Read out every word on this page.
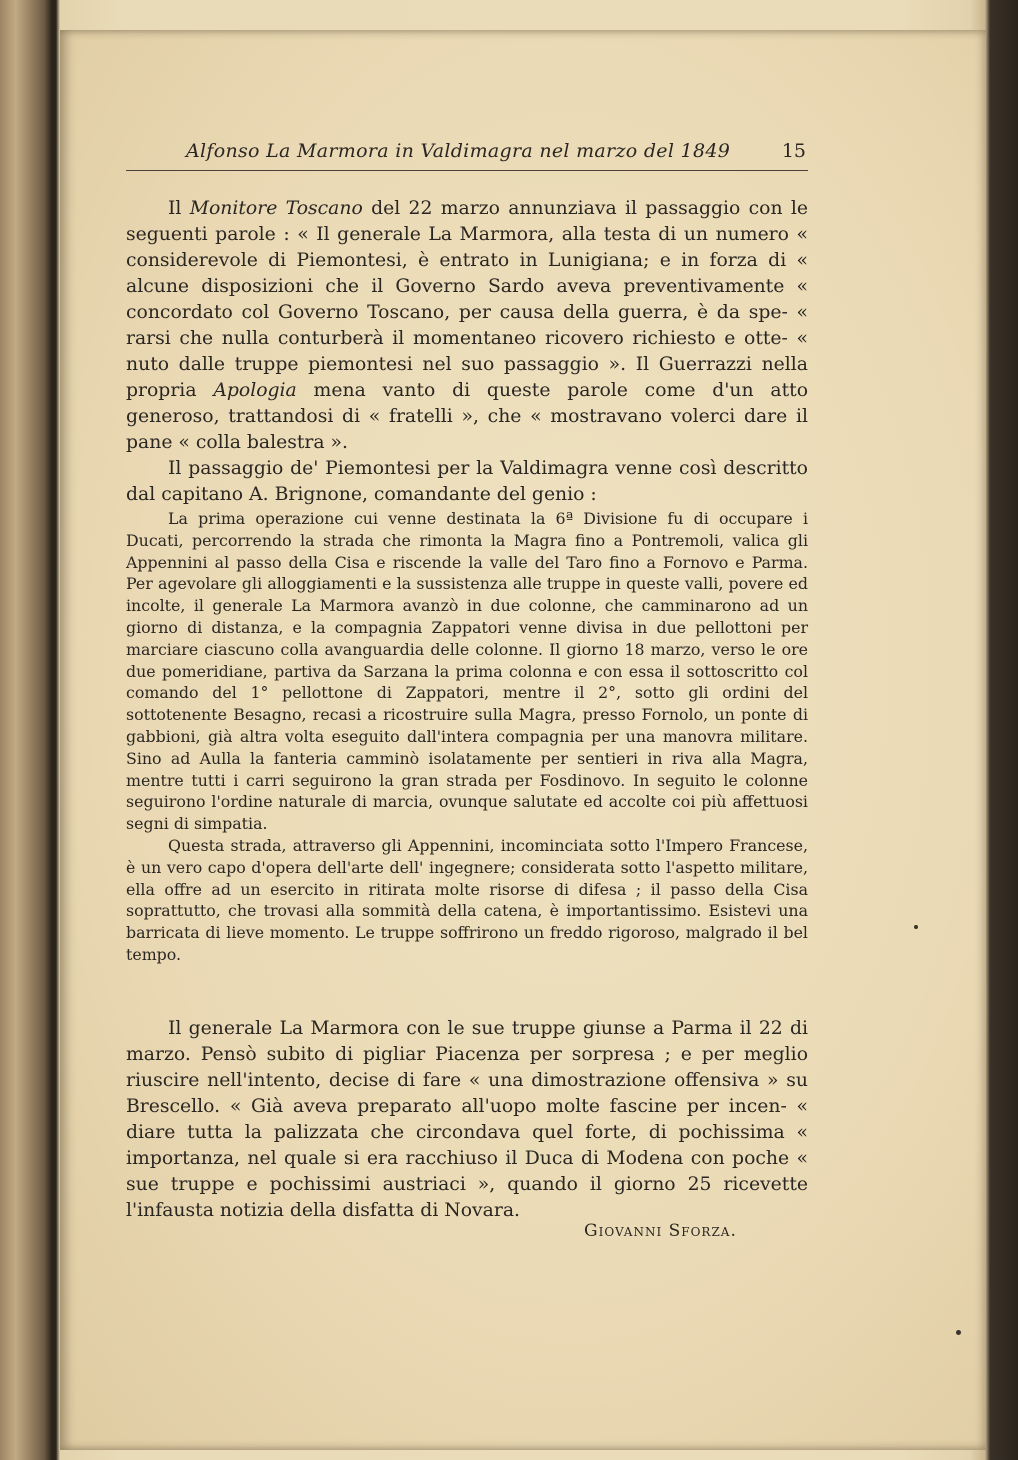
Alfonso La Marmora in Valdimagra nel marzo del 1849	15

Il Monitore Toscano del 22 marzo annunziava il passaggio con le seguenti parole : « Il generale La Marmora, alla testa di un numero « considerevole di Piemontesi, è entrato in Lunigiana; e in forza di « alcune disposizioni che il Governo Sardo aveva preventivamente « concordato col Governo Toscano, per causa della guerra, è da spe- « rarsi che nulla conturberà il momentaneo ricovero richiesto e otte- « nuto dalle truppe piemontesi nel suo passaggio ». Il Guerrazzi nella propria Apologia mena vanto di queste parole come d'un atto generoso, trattandosi di « fratelli », che « mostravano volerci dare il pane « colla balestra ».

Il passaggio de' Piemontesi per la Valdimagra venne così descritto dal capitano A. Brignone, comandante del genio :

La prima operazione cui venne destinata la 6ª Divisione fu di occupare i Ducati, percorrendo la strada che rimonta la Magra fino a Pontremoli, valica gli Appennini al passo della Cisa e riscende la valle del Taro fino a Fornovo e Parma. Per agevolare gli alloggiamenti e la sussistenza alle truppe in queste valli, povere ed incolte, il generale La Marmora avanzò in due colonne, che camminarono ad un giorno di distanza, e la compagnia Zappatori venne divisa in due pellottoni per marciare ciascuno colla avanguardia delle colonne. Il giorno 18 marzo, verso le ore due pomeridiane, partiva da Sarzana la prima colonna e con essa il sottoscritto col comando del 1° pellottone di Zappatori, mentre il 2°, sotto gli ordini del sottotenente Besagno, recasi a ricostruire sulla Magra, presso Fornolo, un ponte di gabbioni, già altra volta eseguito dall'intera compagnia per una manovra militare. Sino ad Aulla la fanteria camminò isolatamente per sentieri in riva alla Magra, mentre tutti i carri seguirono la gran strada per Fosdinovo. In seguito le colonne seguirono l'ordine naturale di marcia, ovunque salutate ed accolte coi più affettuosi segni di simpatia.

Questa strada, attraverso gli Appennini, incominciata sotto l'Impero Francese, è un vero capo d'opera dell'arte dell' ingegnere; considerata sotto l'aspetto militare, ella offre ad un esercito in ritirata molte risorse di difesa ; il passo della Cisa soprattutto, che trovasi alla sommità della catena, è importantissimo. Esistevi una barricata di lieve momento. Le truppe soffrirono un freddo rigoroso, malgrado il bel tempo.

Il generale La Marmora con le sue truppe giunse a Parma il 22 di marzo. Pensò subito di pigliar Piacenza per sorpresa ; e per meglio riuscire nell'intento, decise di fare « una dimostrazione offensiva » su Brescello. « Già aveva preparato all'uopo molte fascine per incen- « diare tutta la palizzata che circondava quel forte, di pochissima « importanza, nel quale si era racchiuso il Duca di Modena con poche « sue truppe e pochissimi austriaci », quando il giorno 25 ricevette l'infausta notizia della disfatta di Novara.

Giovanni Sforza.
